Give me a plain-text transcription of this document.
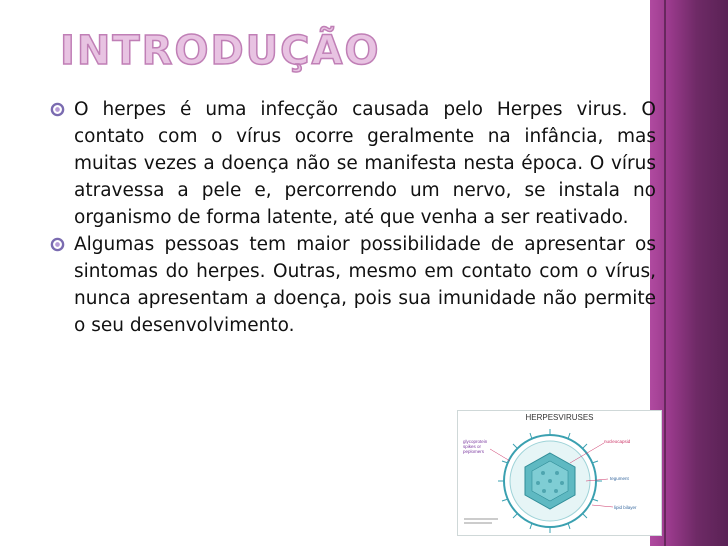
INTRODUÇÃO
O herpes é uma infecção causada pelo Herpes virus. O contato com o vírus ocorre geralmente na infância, mas muitas vezes a doença não se manifesta nesta época. O vírus atravessa a pele e, percorrendo um nervo, se instala no organismo de forma latente, até que venha a ser reativado.
Algumas pessoas tem maior possibilidade de apresentar os sintomas do herpes. Outras, mesmo em contato com o vírus, nunca apresentam a doença, pois sua imunidade não permite o seu desenvolvimento.
HERPESVIRUSES
glycoprotein spikes or peplomers
nucleocapsid
tegument
lipid bilayer
